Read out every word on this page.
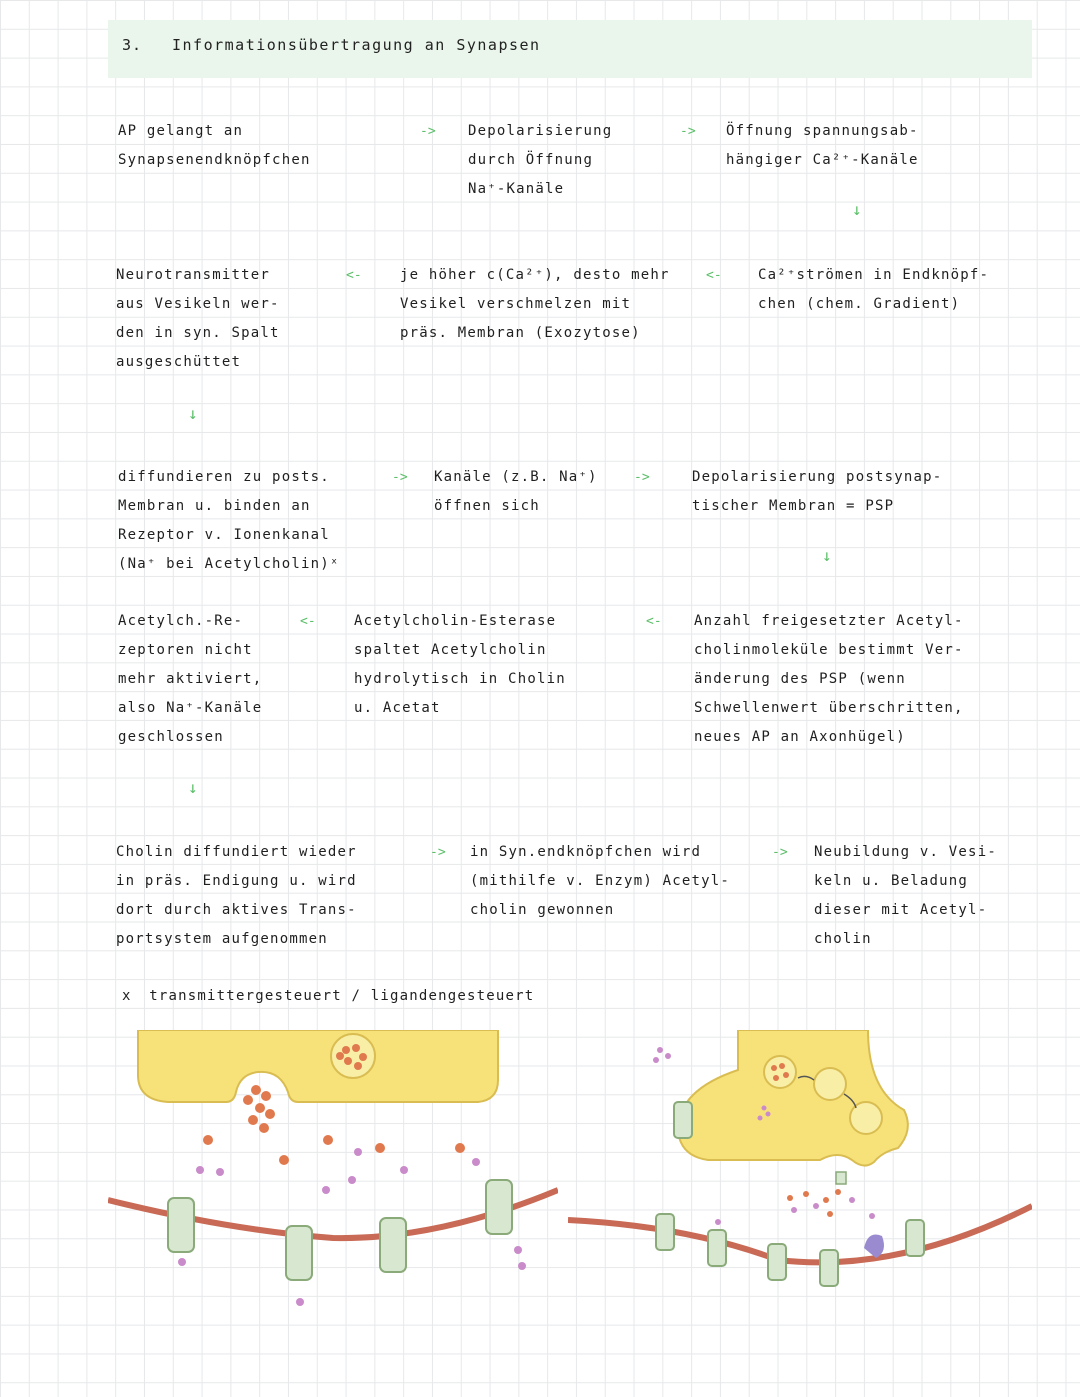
3. Informationsübertragung an Synapsen
AP gelangt an
Synapsenendknöpfchen
-> Depolarisierung
durch Öffnung
Na⁺-Kanäle
-> Öffnung spannungsab-
hängiger Ca²⁺-Kanäle
↓
Neurotransmitter
aus Vesikeln wer-
den in syn. Spalt
ausgeschüttet
<-	je höher c(Ca²⁺), desto mehr
Vesikel verschmelzen mit
präs. Membran (Exozytose)
<-	Ca²⁺strömen in Endknöpf-
chen (chem. Gradient)
↓
diffundieren zu posts.
Membran u. binden an
Rezeptor v. Ionenkanal
(Na⁺ bei Acetylcholin)ˣ
-> Kanäle (z.B. Na⁺)
öffnen sich
->	Depolarisierung postsynap-
tischer Membran = PSP
↓
Acetylch.-Re-
zeptoren nicht
mehr aktiviert,
also Na⁺-Kanäle
geschlossen
<-	Acetylcholin-Esterase
spaltet Acetylcholin
hydrolytisch in Cholin
u. Acetat
<- Anzahl freigesetzter Acetyl-
cholinmoleküle bestimmt Ver-
änderung des PSP (wenn
Schwellenwert überschritten,
neues AP an Axonhügel)
↓
Cholin diffundiert wieder
in präs. Endigung u. wird
dort durch aktives Trans-
portsystem aufgenommen
-> in Syn.endknöpfchen wird
(mithilfe v. Enzym) Acetyl-
cholin gewonnen
-> Neubildung v. Vesi-
keln u. Beladung
dieser mit Acetyl-
cholin
x transmittergesteuert / ligandengesteuert
